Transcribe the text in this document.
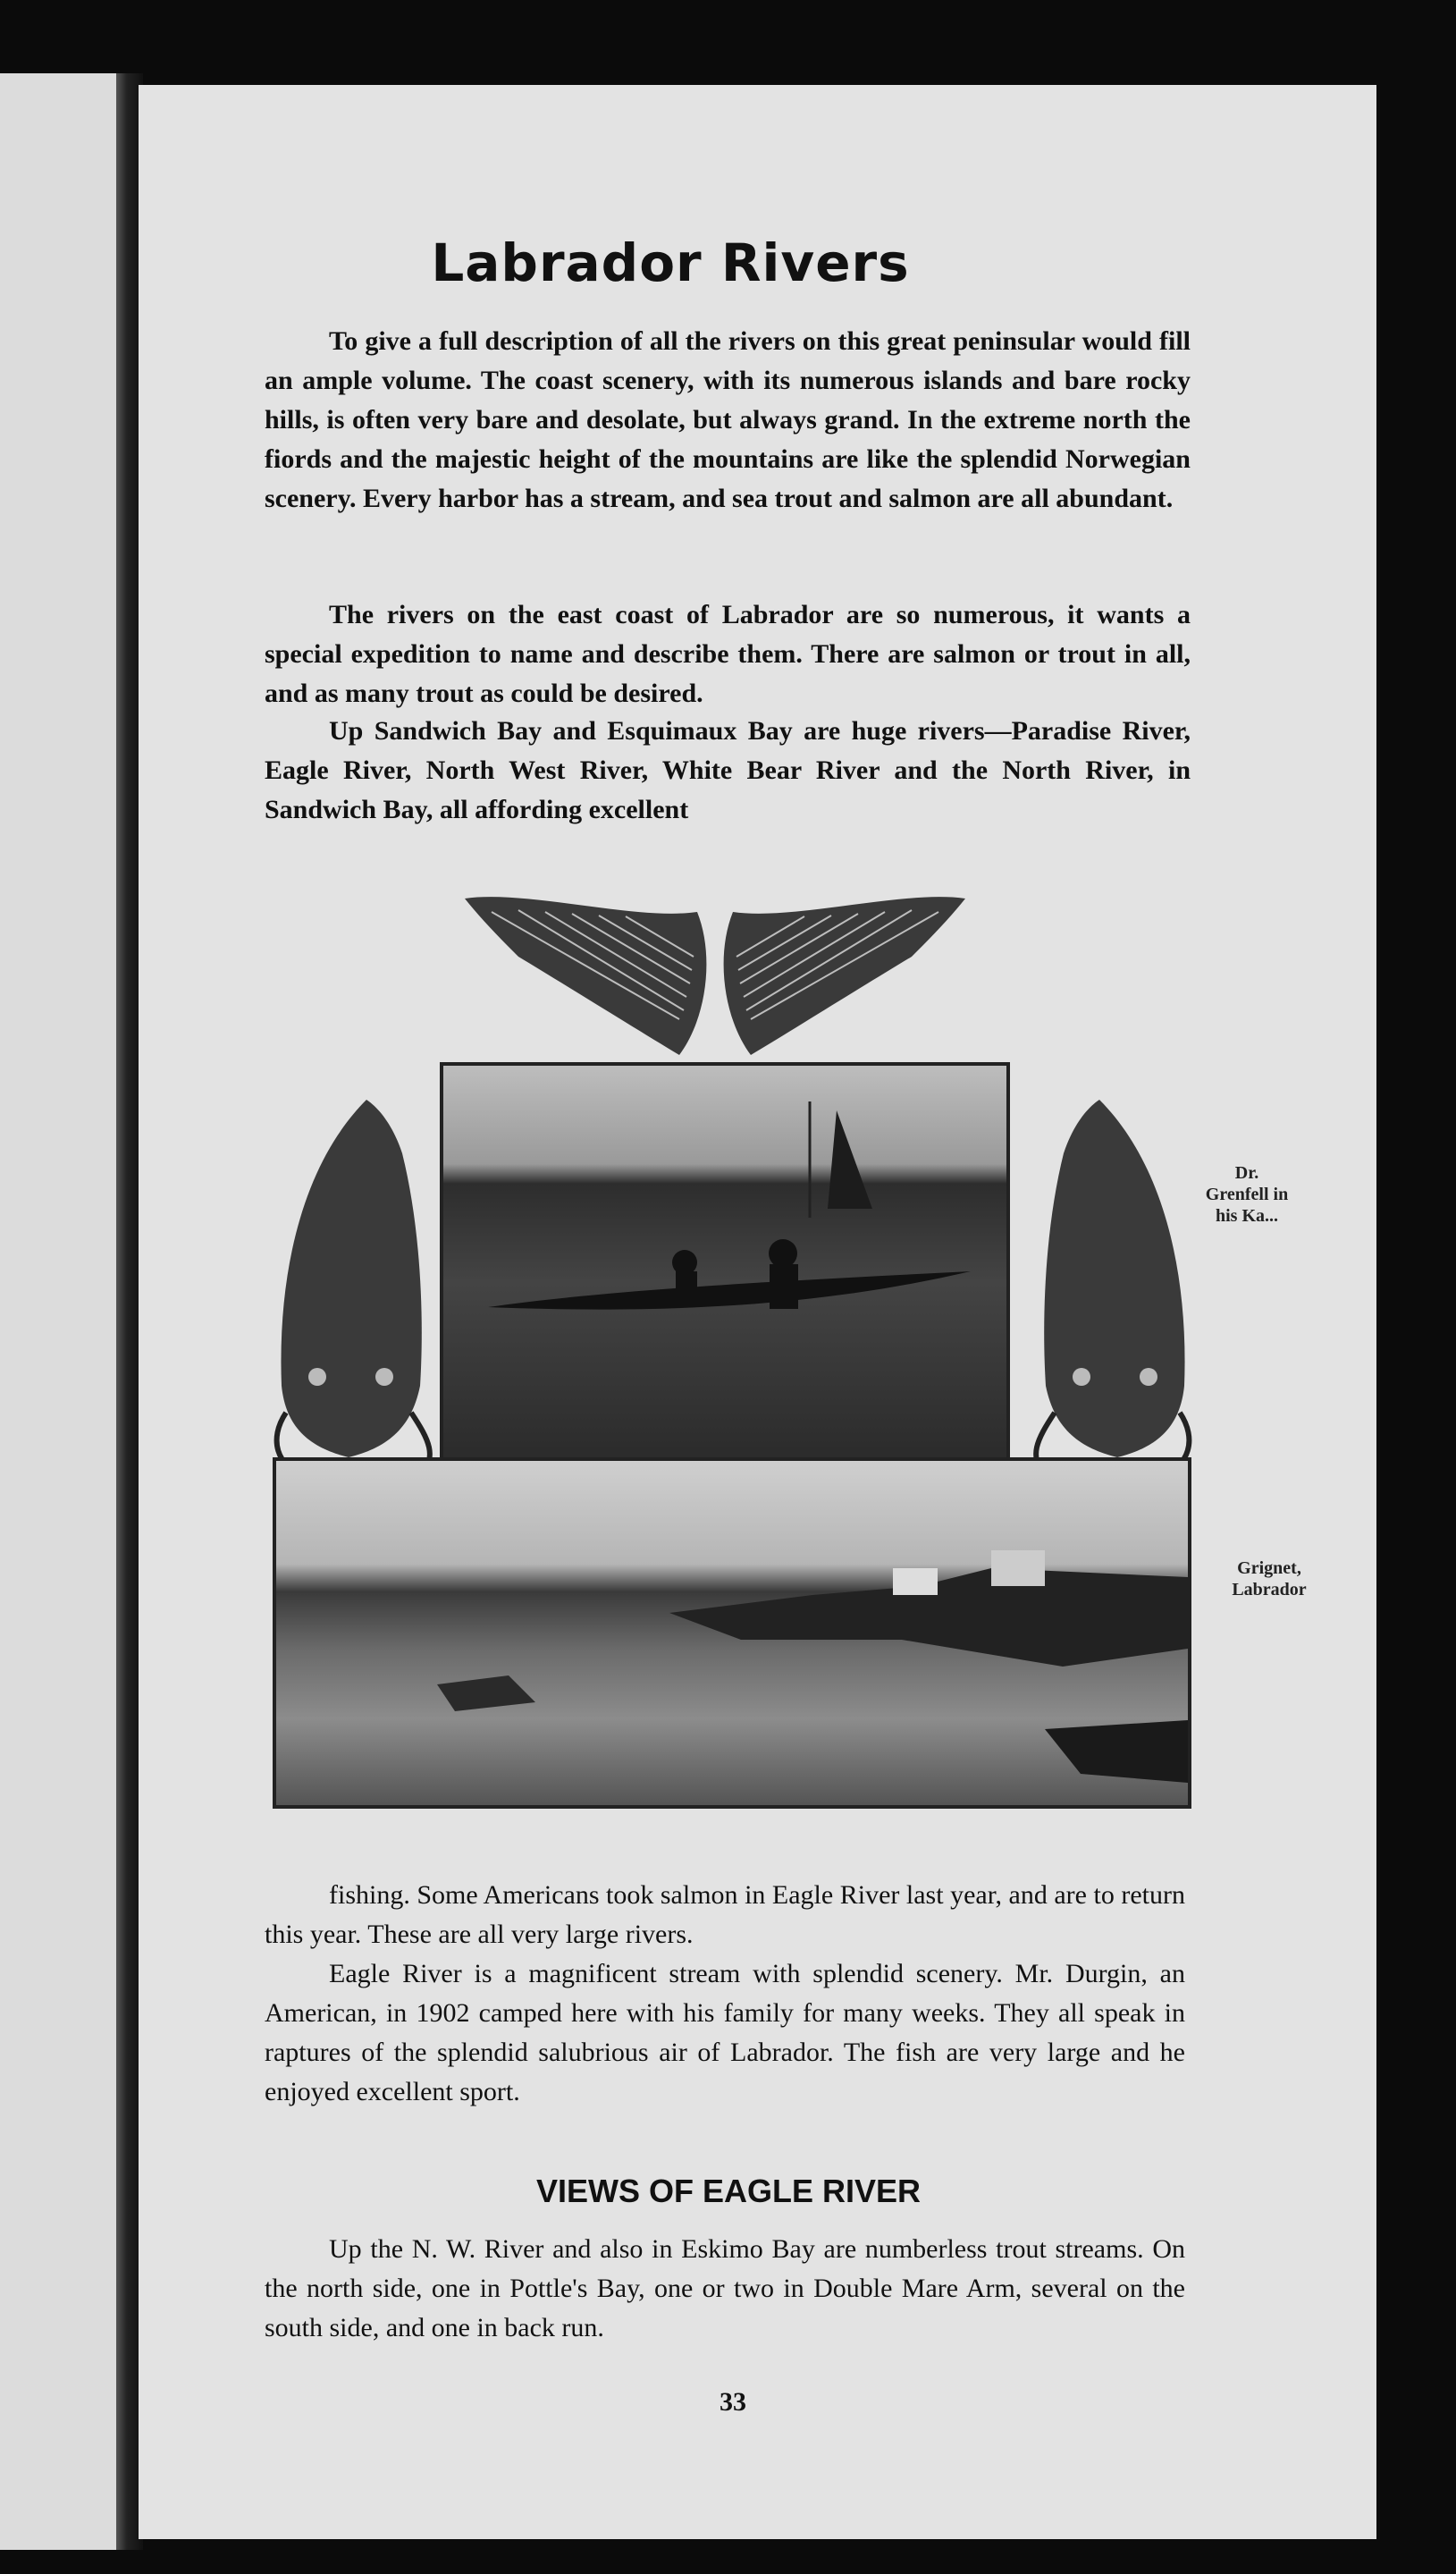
Labrador Rivers

To give a full description of all the rivers on this great peninsular would fill an ample volume. The coast scenery, with its numerous islands and bare rocky hills, is often very bare and desolate, but always grand. In the extreme north the fiords and the majestic height of the mountains are like the splendid Norwegian scenery. Every harbor has a stream, and sea trout and salmon are all abundant.

The rivers on the east coast of Labrador are so numerous, it wants a special expedition to name and describe them. There are salmon or trout in all, and as many trout as could be desired.

Up Sandwich Bay and Esquimaux Bay are huge rivers—Paradise River, Eagle River, North West River, White Bear River and the North River, in Sandwich Bay, all affording excellent

Dr. Grenfell in his Ka...
Grignet, Labrador

fishing. Some Americans took salmon in Eagle River last year, and are to return this year. These are all very large rivers.

Eagle River is a magnificent stream with splendid scenery. Mr. Durgin, an American, in 1902 camped here with his family for many weeks. They all speak in raptures of the splendid salubrious air of Labrador. The fish are very large and he enjoyed excellent sport.

VIEWS OF EAGLE RIVER

Up the N. W. River and also in Eskimo Bay are numberless trout streams. On the north side, one in Pottle's Bay, one or two in Double Mare Arm, several on the south side, and one in back run.

33
